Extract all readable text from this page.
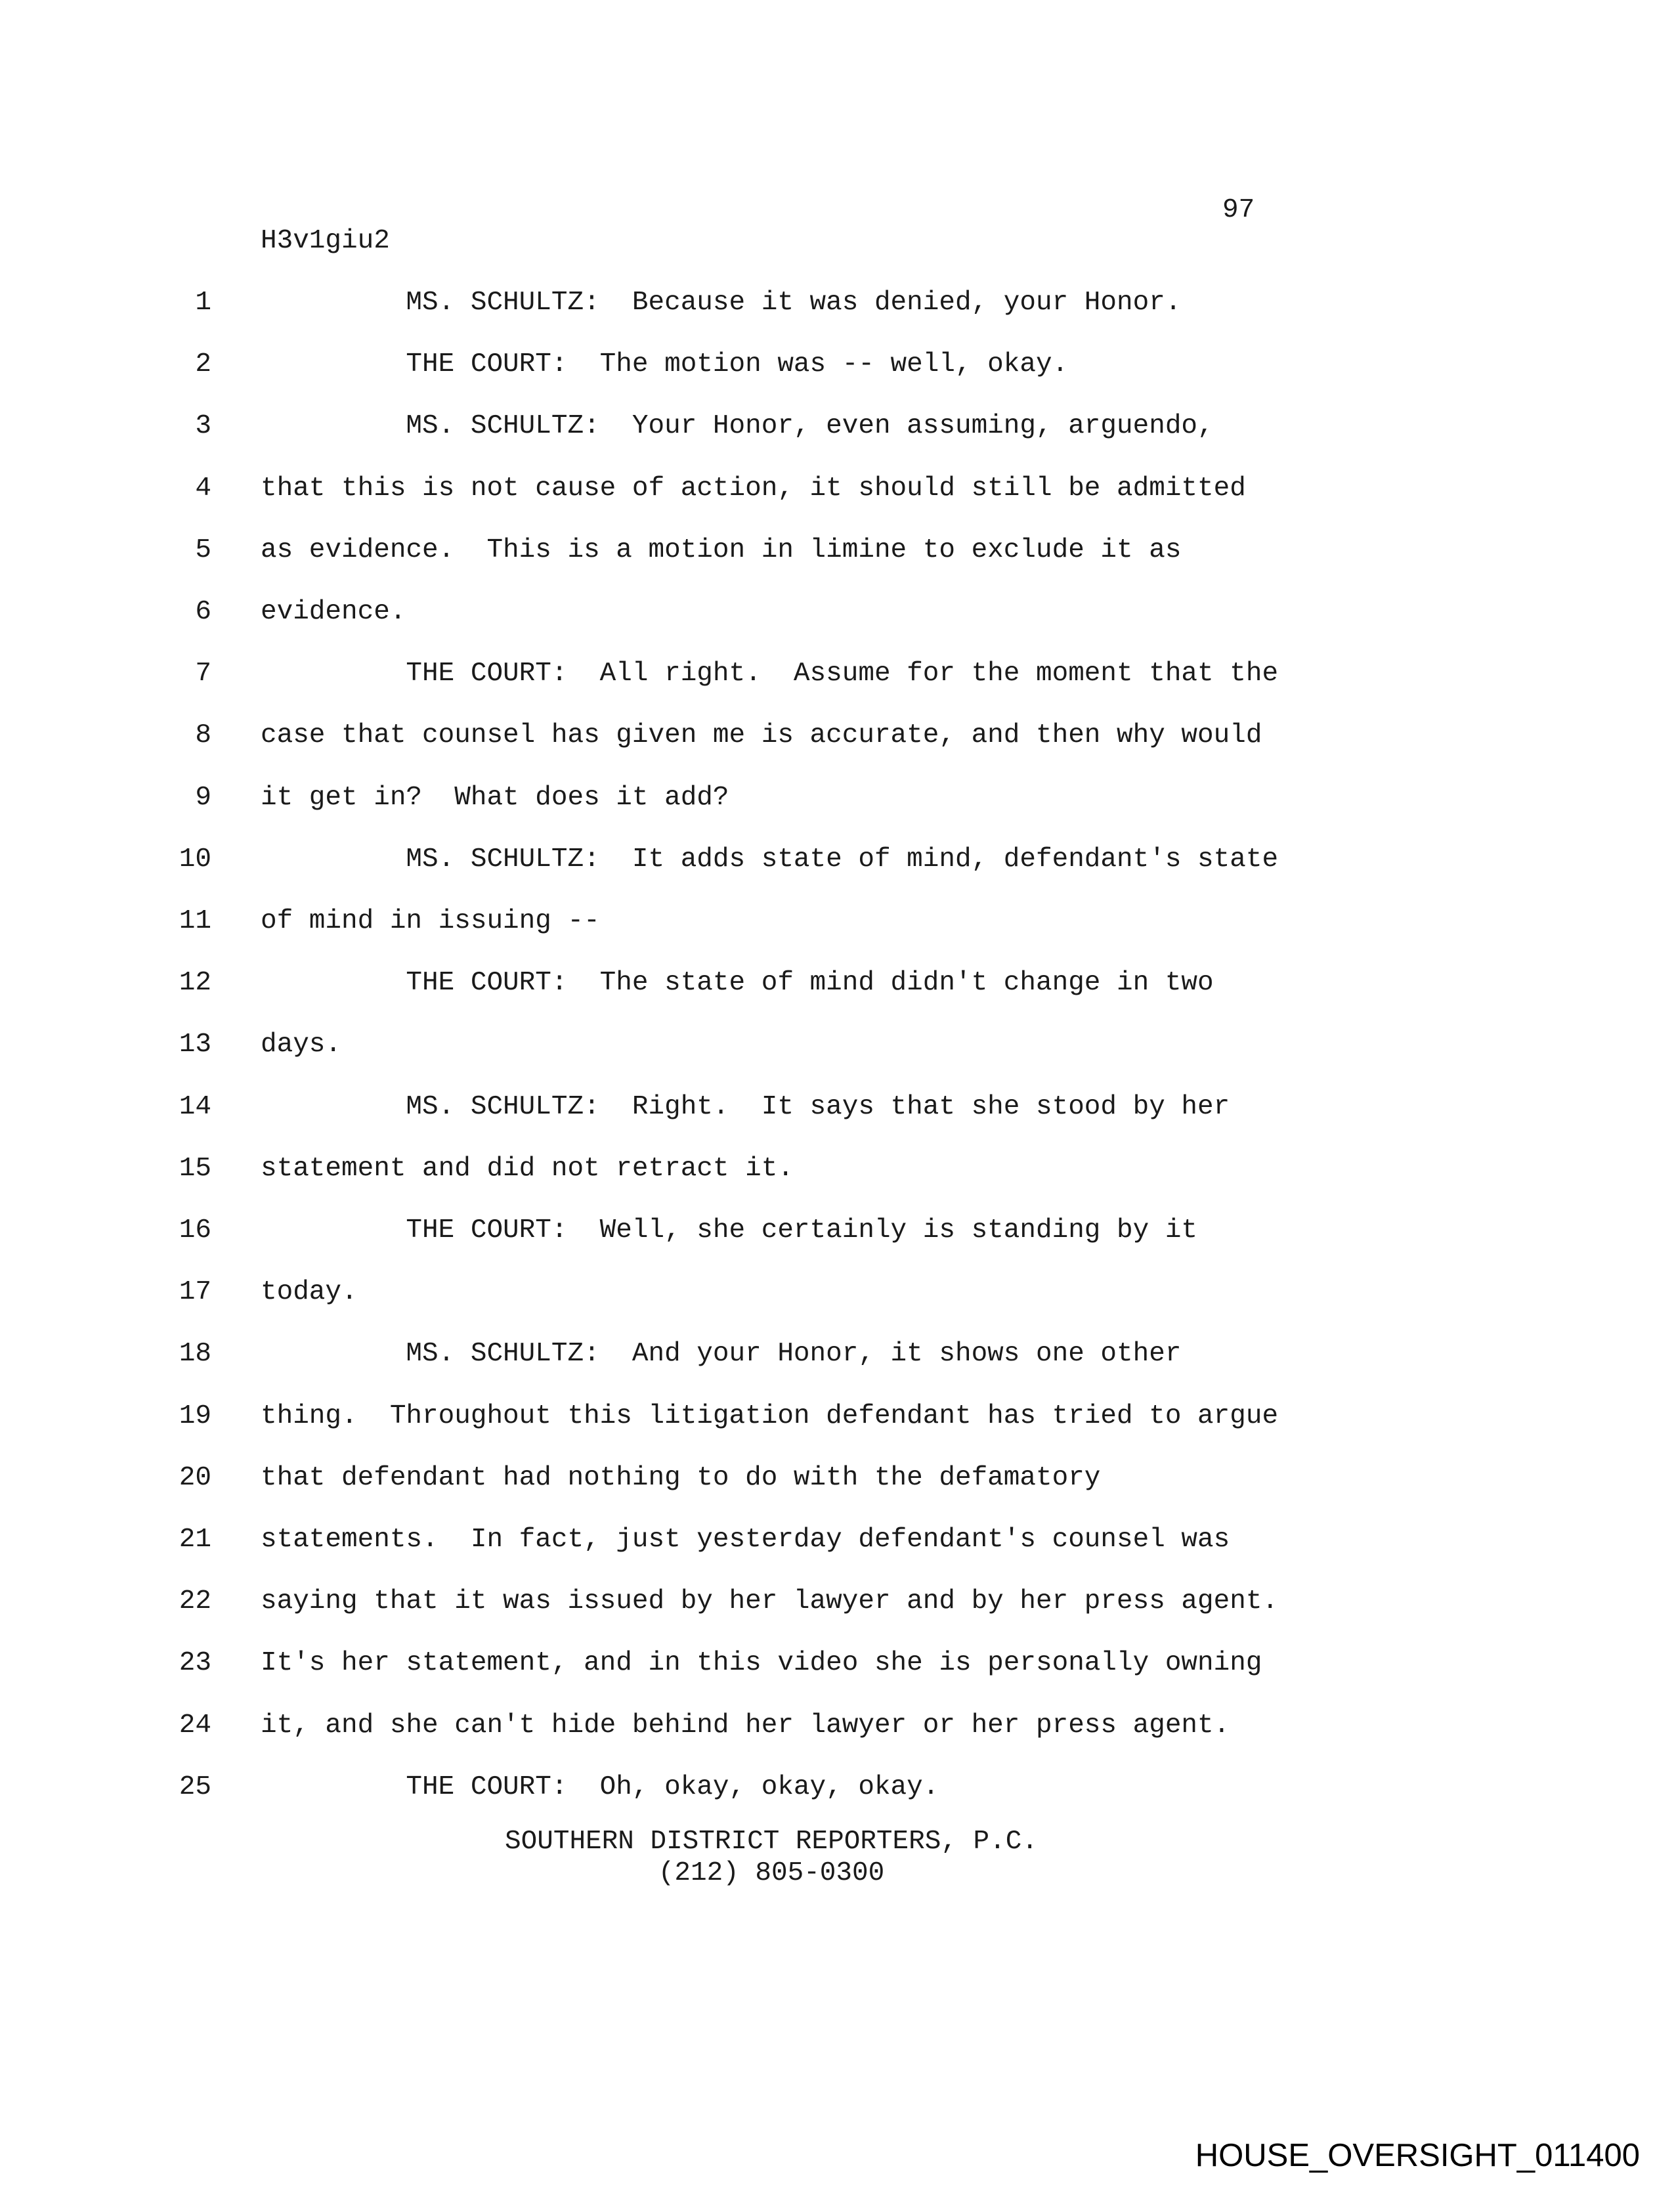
97
H3v1giu2
1 MS. SCHULTZ:  Because it was denied, your Honor.
2 THE COURT:  The motion was -- well, okay.
3 MS. SCHULTZ:  Your Honor, even assuming, arguendo,
4 that this is not cause of action, it should still be admitted
5 as evidence.  This is a motion in limine to exclude it as
6 evidence.
7 THE COURT:  All right.  Assume for the moment that the
8 case that counsel has given me is accurate, and then why would
9 it get in?  What does it add?
10 MS. SCHULTZ:  It adds state of mind, defendant's state
11 of mind in issuing --
12 THE COURT:  The state of mind didn't change in two
13 days.
14 MS. SCHULTZ:  Right.  It says that she stood by her
15 statement and did not retract it.
16 THE COURT:  Well, she certainly is standing by it
17 today.
18 MS. SCHULTZ:  And your Honor, it shows one other
19 thing.  Throughout this litigation defendant has tried to argue
20 that defendant had nothing to do with the defamatory
21 statements.  In fact, just yesterday defendant's counsel was
22 saying that it was issued by her lawyer and by her press agent.
23 It's her statement, and in this video she is personally owning
24 it, and she can't hide behind her lawyer or her press agent.
25 THE COURT:  Oh, okay, okay, okay.
SOUTHERN DISTRICT REPORTERS, P.C.
(212) 805-0300
HOUSE_OVERSIGHT_011400
